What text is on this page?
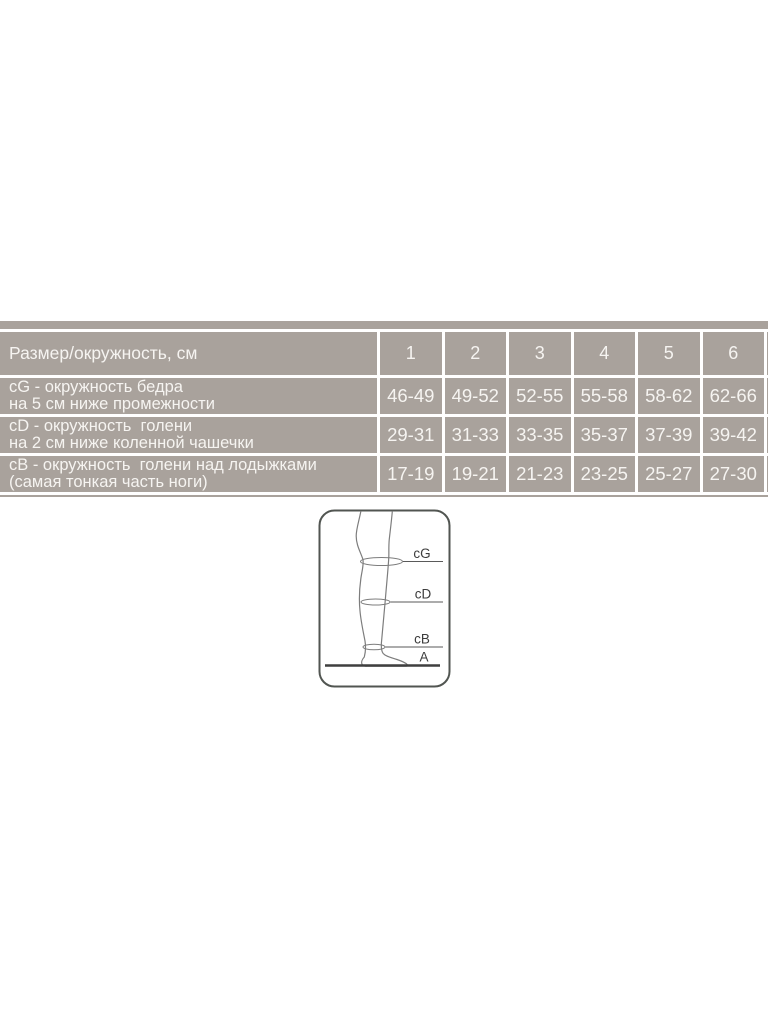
Размер/окружность, см	1	2	3	4	5	6
cG - окружность бедра
на 5 см ниже промежности	46-49 49-52 52-55 55-58 58-62 62-66
cD - окружность  голени
на 2 см ниже коленной чашечки	29-31 31-33 33-35 35-37 37-39 39-42
cB - окружность  голени над лодыжками
(самая тонкая часть ноги)	17-19 19-21 21-23 23-25 25-27 27-30
cG
cD
cB
A
